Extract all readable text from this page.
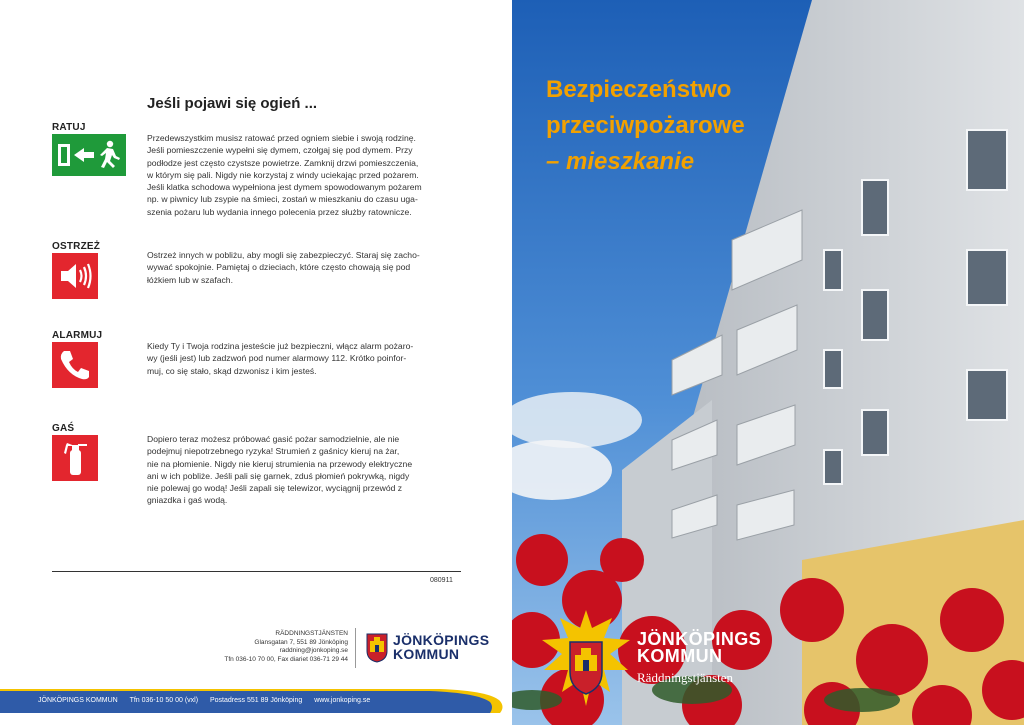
Jeśli pojawi się ogień ...
RATUJ
Przedewszystkim musisz ratować przed ogniem siebie i swoją rodzinę.
Jeśli pomieszczenie wypełni się dymem, czołgaj się pod dymem. Przy
podłodze jest często czystsze powietrze. Zamknij drzwi pomieszczenia,
w którym się pali. Nigdy nie korzystaj z windy uciekając przed pożarem.
Jeśli klatka schodowa wypełniona jest dymem spowodowanym pożarem
np. w piwnicy lub zsypie na śmieci, zostań w mieszkaniu do czasu uga-
szenia pożaru lub wydania innego polecenia przez służby ratownicze.
OSTRZEŻ
Ostrzeż innych w pobliżu, aby mogli się zabezpieczyć. Staraj się zacho-
wywać spokojnie. Pamiętaj o dzieciach, które często chowają się pod
łóżkiem lub w szafach.
ALARMUJ
Kiedy Ty i Twoja rodzina jesteście już bezpieczni, włącz alarm pożaro-
wy (jeśli jest) lub zadzwoń pod numer alarmowy 112. Krótko poinfor-
muj, co się stało, skąd dzwonisz i kim jesteś.
GAŚ
Dopiero teraz możesz próbować gasić pożar samodzielnie, ale nie
podejmuj niepotrzebnego ryzyka! Strumień z gaśnicy kieruj na żar,
nie na płomienie. Nigdy nie kieruj strumienia na przewody elektryczne
ani w ich pobliże. Jeśli pali się garnek, zduś płomień pokrywką, nigdy
nie polewaj go wodą! Jeśli zapali się telewizor, wyciągnij przewód z
gniazdka i gaś wodą.
080911
RÄDDNINGSTJÄNSTEN
Glansgatan 7, 551 89 Jönköping
raddning@jonkoping.se
Tfn 036-10 70 00, Fax diariet 036-71 29 44
JÖNKÖPINGS
KOMMUN
JÖNKÖPINGS KOMMUN Tfn 036-10 50 00 (vxl) Postadress 551 89 Jönköping www.jonkoping.se
Bezpieczeństwo
przeciwpożarowe
– mieszkanie
JÖNKÖPINGS
KOMMUN
Räddningstjänsten
